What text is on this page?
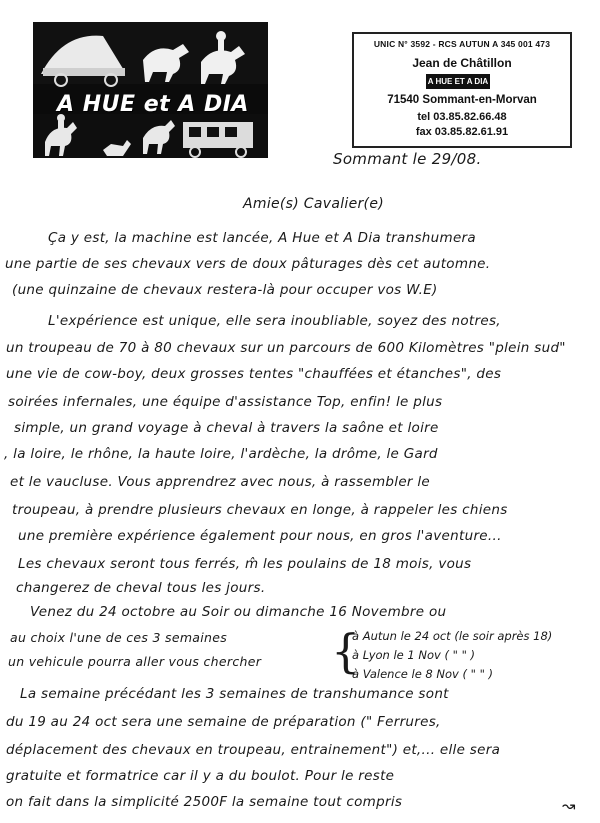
A HUE et A DIA
UNIC N° 3592 - RCS AUTUN A 345 001 473
Jean de Châtillon
A HUE ET A DIA
71540 Sommant-en-Morvan
tel 03.85.82.66.48
fax 03.85.82.61.91
Sommant le 29/08.
Amie(s) Cavalier(e)
Ça y est, la machine est lancée, A Hue et A Dia transhumera
une partie de ses chevaux vers de doux pâturages dès cet automne.
(une quinzaine de chevaux restera-là pour occuper vos W.E)
L'expérience est unique, elle sera inoubliable, soyez des notres,
un troupeau de 70 à 80 chevaux sur un parcours de 600 Kilomètres "plein sud"
une vie de cow-boy, deux grosses tentes "chauffées et étanches", des
soirées infernales, une équipe d'assistance Top, enfin! le plus
simple, un grand voyage à cheval à travers la saône et loire
, la loire, le rhône, la haute loire, l'ardèche, la drôme, le Gard
et le vaucluse. Vous apprendrez avec nous, à rassembler le
troupeau, à prendre plusieurs chevaux en longe, à rappeler les chiens
une première expérience également pour nous, en gros l'aventure...
Les chevaux seront tous ferrés, m̂ les poulains de 18 mois, vous
changerez de cheval tous les jours.
Venez du 24 octobre au Soir ou dimanche 16 Novembre ou
au choix l'une de ces 3 semaines
un vehicule pourra aller vous chercher {
à Autun le 24 oct (le soir après 18)
à Lyon le 1 Nov ( " " )
à Valence le 8 Nov ( " " )
La semaine précédant les 3 semaines de transhumance sont
du 19 au 24 oct sera une semaine de préparation (" Ferrures,
déplacement des chevaux en troupeau, entrainement") et,... elle sera
gratuite et formatrice car il y a du boulot. Pour le reste
on fait dans la simplicité 2500F la semaine tout compris	↝
